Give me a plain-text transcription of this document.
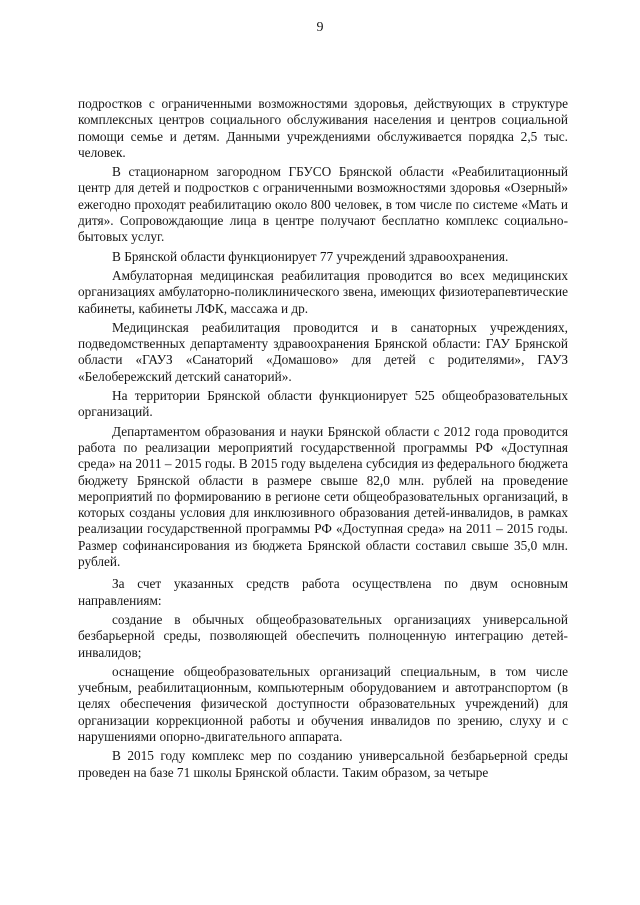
9

подростков с ограниченными возможностями здоровья, действующих в структуре комплексных центров социального обслуживания населения и центров социальной помощи семье и детям. Данными учреждениями обслуживается порядка 2,5 тыс. человек.

В стационарном загородном ГБУСО Брянской области «Реабилитационный центр для детей и подростков с ограниченными возможностями здоровья «Озерный» ежегодно проходят реабилитацию около 800 человек, в том числе по системе «Мать и дитя». Сопровождающие лица в центре получают бесплатно комплекс социально-бытовых услуг.

В Брянской области функционирует 77 учреждений здравоохранения.

Амбулаторная медицинская реабилитация проводится во всех медицинских организациях амбулаторно-поликлинического звена, имеющих физиотерапевтические кабинеты, кабинеты ЛФК, массажа и др.

Медицинская реабилитация проводится и в санаторных учреждениях, подведомственных департаменту здравоохранения Брянской области: ГАУ Брянской области «ГАУЗ «Санаторий «Домашово» для детей с родителями», ГАУЗ «Белобережский детский санаторий».

На территории Брянской области функционирует 525 общеобразовательных организаций.

Департаментом образования и науки Брянской области с 2012 года проводится работа по реализации мероприятий государственной программы РФ «Доступная среда» на 2011 – 2015 годы. В 2015 году выделена субсидия из федерального бюджета бюджету Брянской области в размере свыше 82,0 млн. рублей на проведение мероприятий по формированию в регионе сети общеобразовательных организаций, в которых созданы условия для инклюзивного образования детей-инвалидов, в рамках реализации государственной программы РФ «Доступная среда» на 2011 – 2015 годы. Размер софинансирования из бюджета Брянской области составил свыше 35,0 млн. рублей.

За счет указанных средств работа осуществлена по двум основным направлениям:

создание в обычных общеобразовательных организациях универсальной безбарьерной среды, позволяющей обеспечить полноценную интеграцию детей-инвалидов;

оснащение общеобразовательных организаций специальным, в том числе учебным, реабилитационным, компьютерным оборудованием и автотранспортом (в целях обеспечения физической доступности образовательных учреждений) для организации коррекционной работы и обучения инвалидов по зрению, слуху и с нарушениями опорно-двигательного аппарата.

В 2015 году комплекс мер по созданию универсальной безбарьерной среды проведен на базе 71 школы Брянской области. Таким образом, за четыре
